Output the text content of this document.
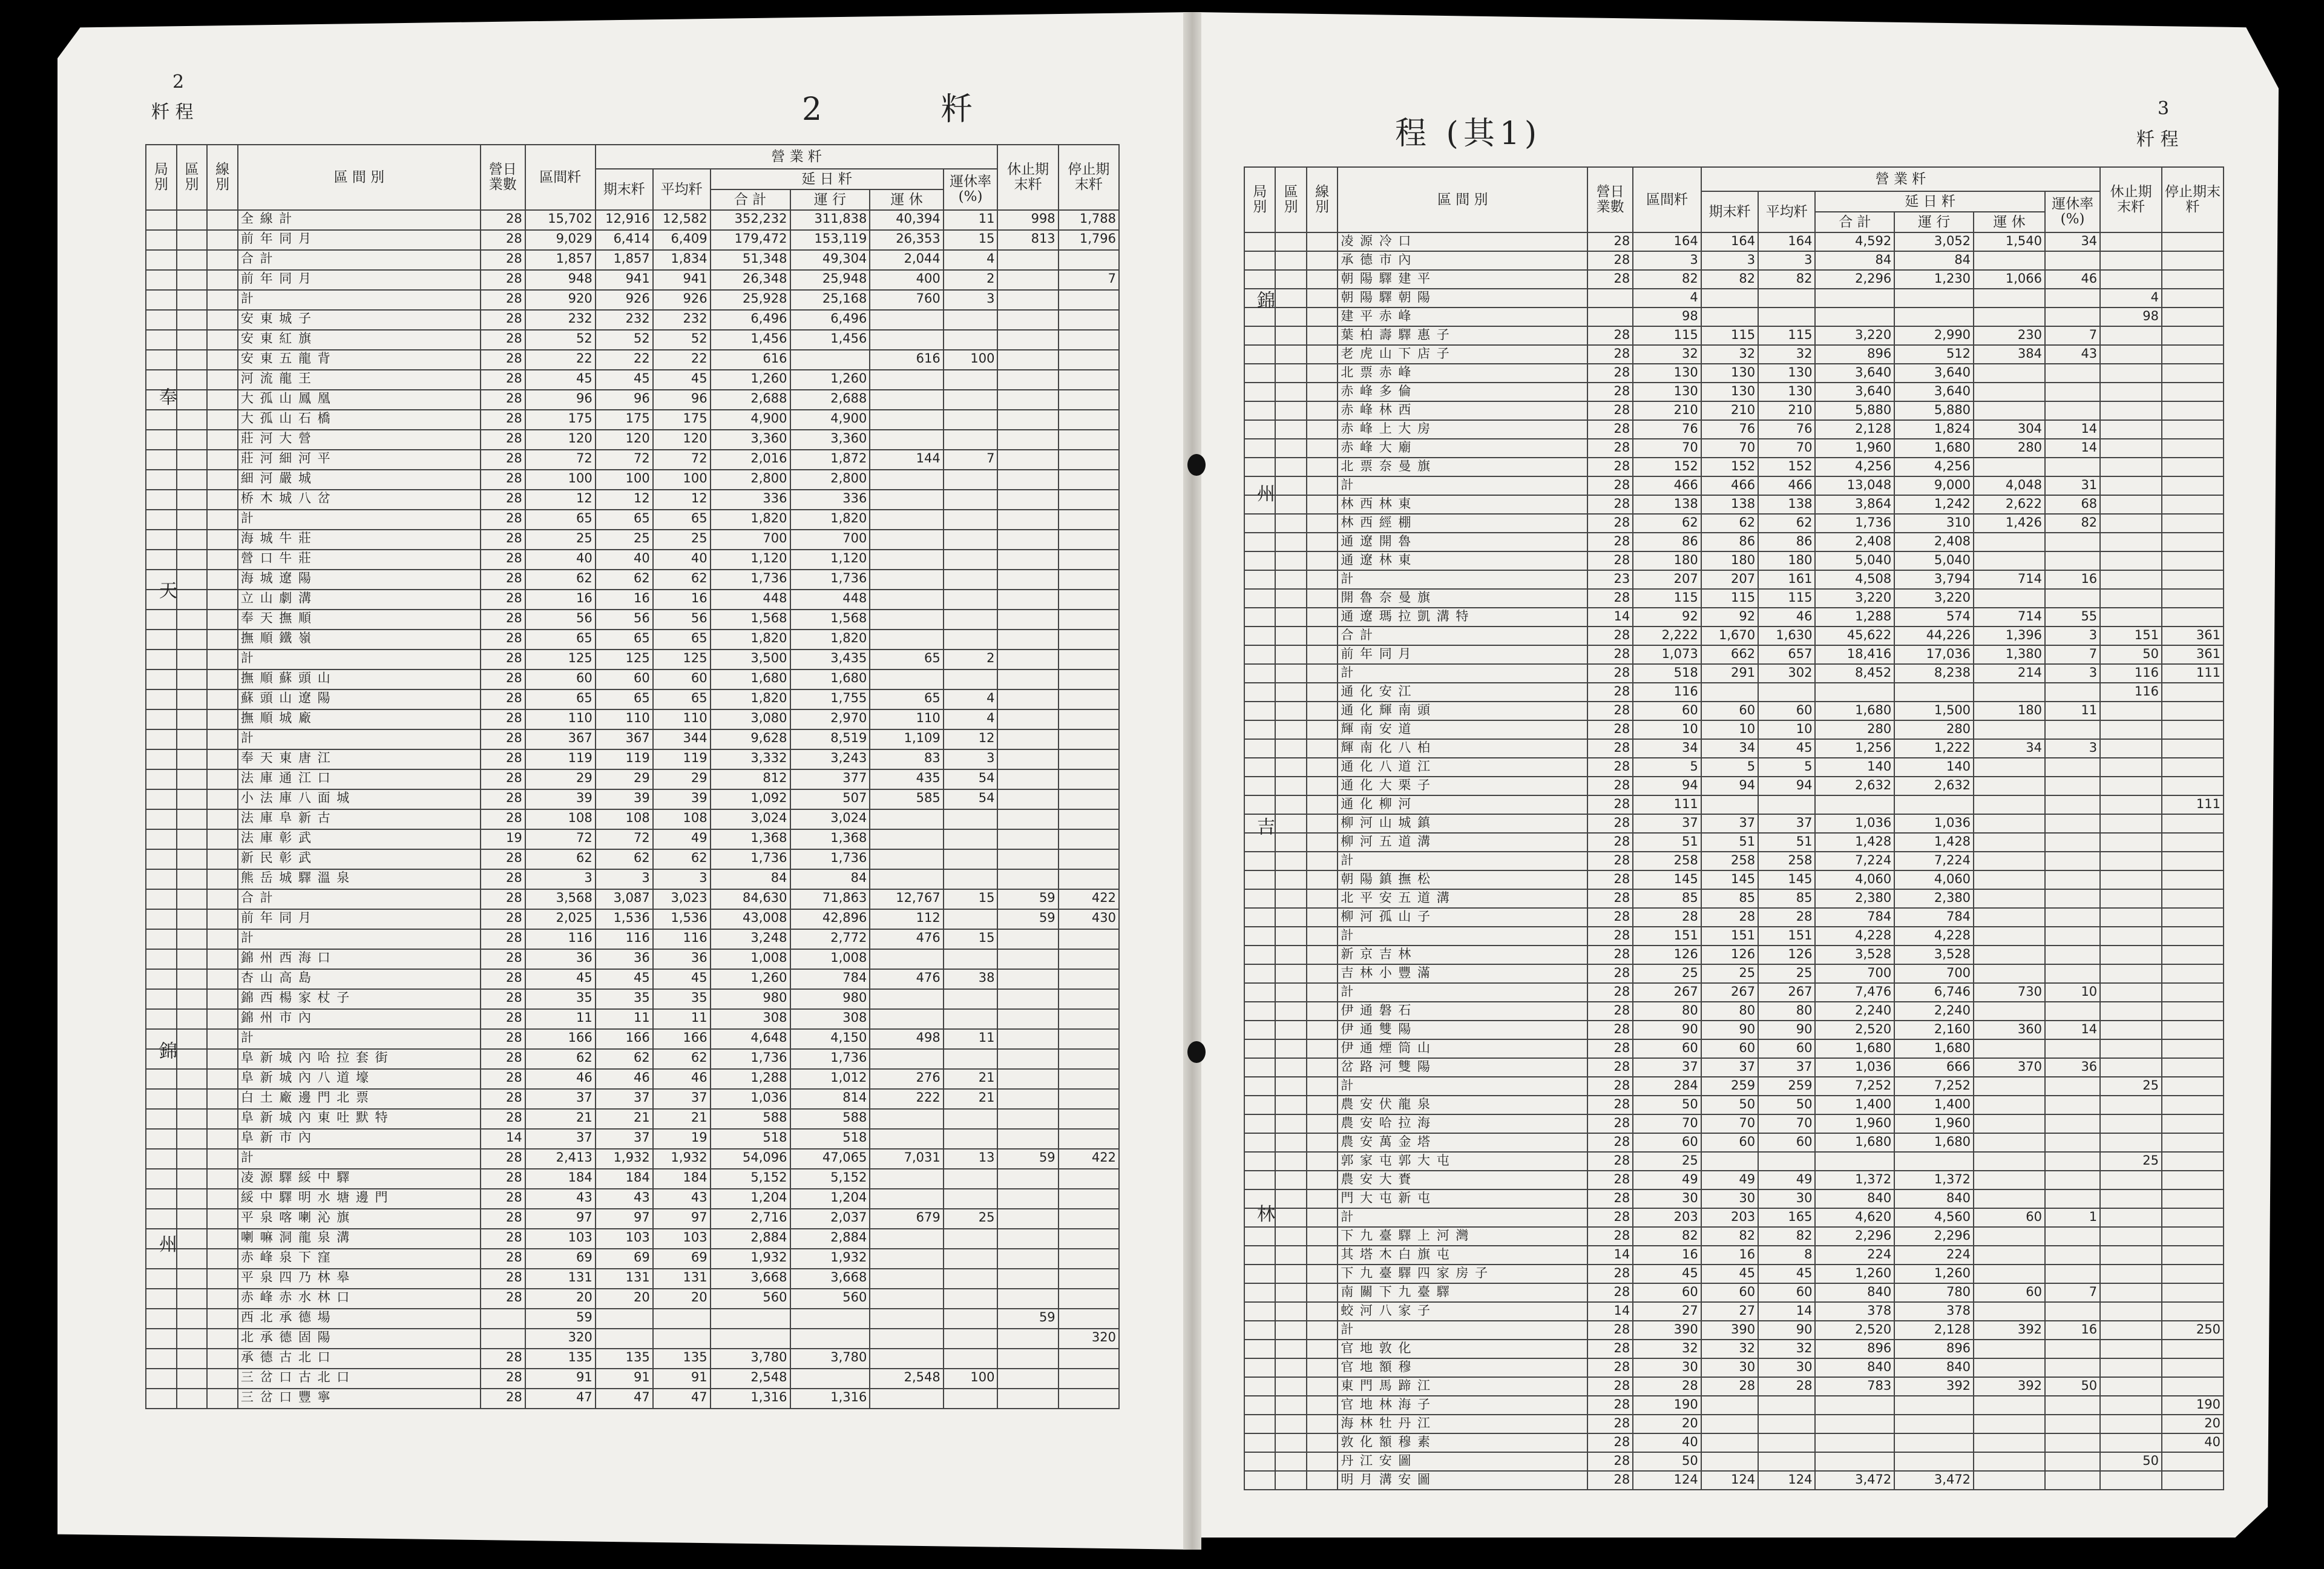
2
粁 程	2 粁
程 (其1)
3
粁 程
局別	區別	線別	區 間 別	營日業數	區間粁	營 業 粁						休止期末粁	停止期末粁
						期末粁	平均粁	延 日 粁			運休率(%)		
								合 計	運 行	運 休			
			全 線 計	28	15,702	12,916	12,582	352,232	311,838	40,394	11	998	1,788
			前 年 同 月	28	9,029	6,414	6,409	179,472	153,119	26,353	15	813	1,796
			合 計	28	1,857	1,857	1,834	51,348	49,304	2,044	4		
			前 年 同 月	28	948	941	941	26,348	25,948	400	2		7
			計	28	920	926	926	25,928	25,168	760	3		
			安 東 城 子	28	232	232	232	6,496	6,496				
			安 東 紅 旗	28	52	52	52	1,456	1,456				
			安 東 五 龍 背	28	22	22	22	616		616	100		
			河 流 龍 王	28	45	45	45	1,260	1,260				
			大 孤 山 鳳 凰	28	96	96	96	2,688	2,688				
			大 孤 山 石 橋	28	175	175	175	4,900	4,900				
			莊 河 大 營	28	120	120	120	3,360	3,360				
			莊 河 細 河 平	28	72	72	72	2,016	1,872	144	7		
			細 河 嚴 城	28	100	100	100	2,800	2,800				
			桥 木 城 八 岔	28	12	12	12	336	336				
			計	28	65	65	65	1,820	1,820				
			海 城 牛 莊	28	25	25	25	700	700				
			營 口 牛 莊	28	40	40	40	1,120	1,120				
			海 城 遼 陽	28	62	62	62	1,736	1,736				
			立 山 劇 溝	28	16	16	16	448	448				
			奉 天 撫 順	28	56	56	56	1,568	1,568				
			撫 順 鐵 嶺	28	65	65	65	1,820	1,820				
			計	28	125	125	125	3,500	3,435	65	2		
			撫 順 蘇 頭 山	28	60	60	60	1,680	1,680				
			蘇 頭 山 遼 陽	28	65	65	65	1,820	1,755	65	4		
			撫 順 城 廠	28	110	110	110	3,080	2,970	110	4		
			計	28	367	367	344	9,628	8,519	1,109	12		
			奉 天 東 唐 江	28	119	119	119	3,332	3,243	83	3		
			法 庫 通 江 口	28	29	29	29	812	377	435	54		
			小 法 庫 八 面 城	28	39	39	39	1,092	507	585	54		
			法 庫 阜 新 古	28	108	108	108	3,024	3,024				
			法 庫 彰 武	19	72	72	49	1,368	1,368				
			新 民 彰 武	28	62	62	62	1,736	1,736				
			熊 岳 城 驛 溫 泉	28	3	3	3	84	84				
			合 計	28	3,568	3,087	3,023	84,630	71,863	12,767	15	59	422
			前 年 同 月	28	2,025	1,536	1,536	43,008	42,896	112		59	430
			計	28	116	116	116	3,248	2,772	476	15		
			錦 州 西 海 口	28	36	36	36	1,008	1,008				
			杏 山 高 島	28	45	45	45	1,260	784	476	38		
			錦 西 楊 家 杖 子	28	35	35	35	980	980				
			錦 州 市 內	28	11	11	11	308	308				
			計	28	166	166	166	4,648	4,150	498	11		
			阜 新 城 內 哈 拉 套 街	28	62	62	62	1,736	1,736				
			阜 新 城 內 八 道 壕	28	46	46	46	1,288	1,012	276	21		
			白 土 廠 邊 門 北 票	28	37	37	37	1,036	814	222	21		
			阜 新 城 內 東 吐 默 特	28	21	21	21	588	588				
			阜 新 市 內	14	37	37	19	518	518				
			計	28	2,413	1,932	1,932	54,096	47,065	7,031	13	59	422
			凌 源 驛 綏 中 驛	28	184	184	184	5,152	5,152				
			綏 中 驛 明 水 塘 邊 門	28	43	43	43	1,204	1,204				
			平 泉 喀 喇 沁 旗	28	97	97	97	2,716	2,037	679	25		
			喇 嘛 洞 龍 泉 溝	28	103	103	103	2,884	2,884				
			赤 峰 泉 下 窪	28	69	69	69	1,932	1,932				
			平 泉 四 乃 林 皋	28	131	131	131	3,668	3,668				
			赤 峰 赤 水 林 口	28	20	20	20	560	560				
			西 北 承 德 場		59							59	
			北 承 德 固 陽		320								320
			承 德 古 北 口	28	135	135	135	3,780	3,780				
			三 岔 口 古 北 口	28	91	91	91	2,548		2,548	100		
			三 岔 口 豐 寧	28	47	47	47	1,316	1,316				
局別	區別	線別	區 間 別	營日業數	區間粁	營 業 粁						休止期末粁	停止期末粁
						期末粁	平均粁	延 日 粁			運休率(%)		
								合 計	運 行	運 休			
			凌 源 冷 口	28	164	164	164	4,592	3,052	1,540	34		
			承 德 市 內	28	3	3	3	84	84				
			朝 陽 驛 建 平	28	82	82	82	2,296	1,230	1,066	46		
			朝 陽 驛 朝 陽		4							4	
			建 平 赤 峰		98							98	
			葉 柏 壽 驛 惠 子	28	115	115	115	3,220	2,990	230	7		
			老 虎 山 下 店 子	28	32	32	32	896	512	384	43		
			北 票 赤 峰	28	130	130	130	3,640	3,640				
			赤 峰 多 倫	28	130	130	130	3,640	3,640				
			赤 峰 林 西	28	210	210	210	5,880	5,880				
			赤 峰 上 大 房	28	76	76	76	2,128	1,824	304	14		
			赤 峰 大 廟	28	70	70	70	1,960	1,680	280	14		
			北 票 奈 曼 旗	28	152	152	152	4,256	4,256				
			計	28	466	466	466	13,048	9,000	4,048	31		
			林 西 林 東	28	138	138	138	3,864	1,242	2,622	68		
			林 西 經 棚	28	62	62	62	1,736	310	1,426	82		
			通 遼 開 魯	28	86	86	86	2,408	2,408				
			通 遼 林 東	28	180	180	180	5,040	5,040				
			計	23	207	207	161	4,508	3,794	714	16		
			開 魯 奈 曼 旗	28	115	115	115	3,220	3,220				
			通 遼 瑪 拉 凱 溝 特	14	92	92	46	1,288	574	714	55		
			合 計	28	2,222	1,670	1,630	45,622	44,226	1,396	3	151	361
			前 年 同 月	28	1,073	662	657	18,416	17,036	1,380	7	50	361
			計	28	518	291	302	8,452	8,238	214	3	116	111
			通 化 安 江	28	116							116	
			通 化 輝 南 頭	28	60	60	60	1,680	1,500	180	11		
			輝 南 安 道	28	10	10	10	280	280				
			輝 南 化 八 柏	28	34	34	45	1,256	1,222	34	3		
			通 化 八 道 江	28	5	5	5	140	140				
			通 化 大 栗 子	28	94	94	94	2,632	2,632				
			通 化 柳 河	28	111								111
			柳 河 山 城 鎮	28	37	37	37	1,036	1,036				
			柳 河 五 道 溝	28	51	51	51	1,428	1,428				
			計	28	258	258	258	7,224	7,224				
			朝 陽 鎮 撫 松	28	145	145	145	4,060	4,060				
			北 平 安 五 道 溝	28	85	85	85	2,380	2,380				
			柳 河 孤 山 子	28	28	28	28	784	784				
			計	28	151	151	151	4,228	4,228				
			新 京 吉 林	28	126	126	126	3,528	3,528				
			吉 林 小 豐 滿	28	25	25	25	700	700				
			計	28	267	267	267	7,476	6,746	730	10		
			伊 通 磐 石	28	80	80	80	2,240	2,240				
			伊 通 雙 陽	28	90	90	90	2,520	2,160	360	14		
			伊 通 煙 筒 山	28	60	60	60	1,680	1,680				
			岔 路 河 雙 陽	28	37	37	37	1,036	666	370	36		
			計	28	284	259	259	7,252	7,252			25	
			農 安 伏 龍 泉	28	50	50	50	1,400	1,400				
			農 安 哈 拉 海	28	70	70	70	1,960	1,960				
			農 安 萬 金 塔	28	60	60	60	1,680	1,680				
			郭 家 屯 郭 大 屯	28	25							25	
			農 安 大 賚	28	49	49	49	1,372	1,372				
			門 大 屯 新 屯	28	30	30	30	840	840				
			計	28	203	203	165	4,620	4,560	60	1		
			下 九 臺 驛 上 河 灣	28	82	82	82	2,296	2,296				
			其 塔 木 白 旗 屯	14	16	16	8	224	224				
			下 九 臺 驛 四 家 房 子	28	45	45	45	1,260	1,260				
			南 關 下 九 臺 驛	28	60	60	60	840	780	60	7		
			蛟 河 八 家 子	14	27	27	14	378	378				
			計	28	390	390	90	2,520	2,128	392	16		250
			官 地 敦 化	28	32	32	32	896	896				
			官 地 額 穆	28	30	30	30	840	840				
			東 門 馬 蹄 江	28	28	28	28	783	392	392	50		
			官 地 林 海 子	28	190								190
			海 林 牡 丹 江	28	20								20
			敦 化 額 穆 素	28	40								40
			丹 江 安 圖	28	50							50	
			明 月 溝 安 圖	28	124	124	124	3,472	3,472				
奉 天
錦 州
錦 州
吉 林
